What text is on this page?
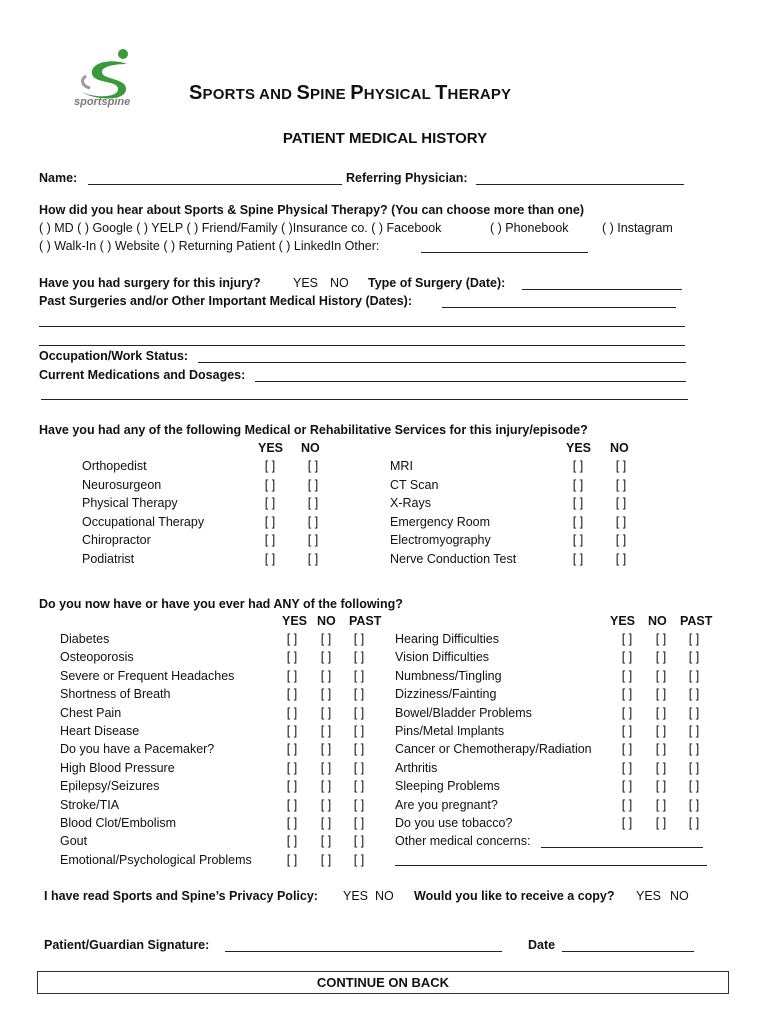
sportspine	SPORTS AND SPINE PHYSICAL THERAPY
PATIENT MEDICAL HISTORY
Name:	Referring Physician:
How did you hear about Sports & Spine Physical Therapy? (You can choose more than one)
( ) MD ( ) Google ( ) YELP ( ) Friend/Family ( )Insurance co. ( ) Facebook	( ) Phonebook	( ) Instagram
( ) Walk-In ( ) Website ( ) Returning Patient ( ) LinkedIn Other:
Have you had surgery for this injury?	YES NO Type of Surgery (Date):
Past Surgeries and/or Other Important Medical History (Dates):
Occupation/Work Status:
Current Medications and Dosages:
Have you had any of the following Medical or Rehabilitative Services for this injury/episode?
YES NO	YES NO
Orthopedist	[ ]	[ ]
Neurosurgeon	[ ]	[ ]
Physical Therapy	[ ]	[ ]
Occupational Therapy	[ ]	[ ]
Chiropractor	[ ]	[ ]
Podiatrist	[ ]	[ ]
MRI	[ ]	[ ]
CT Scan	[ ]	[ ]
X-Rays	[ ]	[ ]
Emergency Room	[ ]	[ ]
Electromyography	[ ]	[ ]
Nerve Conduction Test	[ ]	[ ]
Do you now have or have you ever had ANY of the following?
YES NO PAST	YES NO PAST
Diabetes	[ ]	[ ]	[ ]
Osteoporosis	[ ]	[ ]	[ ]
Severe or Frequent Headaches	[ ]	[ ]	[ ]
Shortness of Breath	[ ]	[ ]	[ ]
Chest Pain	[ ]	[ ]	[ ]
Heart Disease	[ ]	[ ]	[ ]
Do you have a Pacemaker?	[ ]	[ ]	[ ]
High Blood Pressure	[ ]	[ ]	[ ]
Epilepsy/Seizures	[ ]	[ ]	[ ]
Stroke/TIA	[ ]	[ ]	[ ]
Blood Clot/Embolism	[ ]	[ ]	[ ]
Gout	[ ]	[ ]	[ ]
Emotional/Psychological Problems	[ ]	[ ]	[ ]
Hearing Difficulties	[ ]	[ ]	[ ]
Vision Difficulties	[ ]	[ ]	[ ]
Numbness/Tingling	[ ]	[ ]	[ ]
Dizziness/Fainting	[ ]	[ ]	[ ]
Bowel/Bladder Problems	[ ]	[ ]	[ ]
Pins/Metal Implants	[ ]	[ ]	[ ]
Cancer or Chemotherapy/Radiation	[ ]	[ ]	[ ]
Arthritis	[ ]	[ ]	[ ]
Sleeping Problems	[ ]	[ ]	[ ]
Are you pregnant?	[ ]	[ ]	[ ]
Do you use tobacco?	[ ]	[ ]	[ ]
Other medical concerns:
I have read Sports and Spine’s Privacy Policy: YES NO Would you like to receive a copy? YES NO
Patient/Guardian Signature:	Date
CONTINUE ON BACK
